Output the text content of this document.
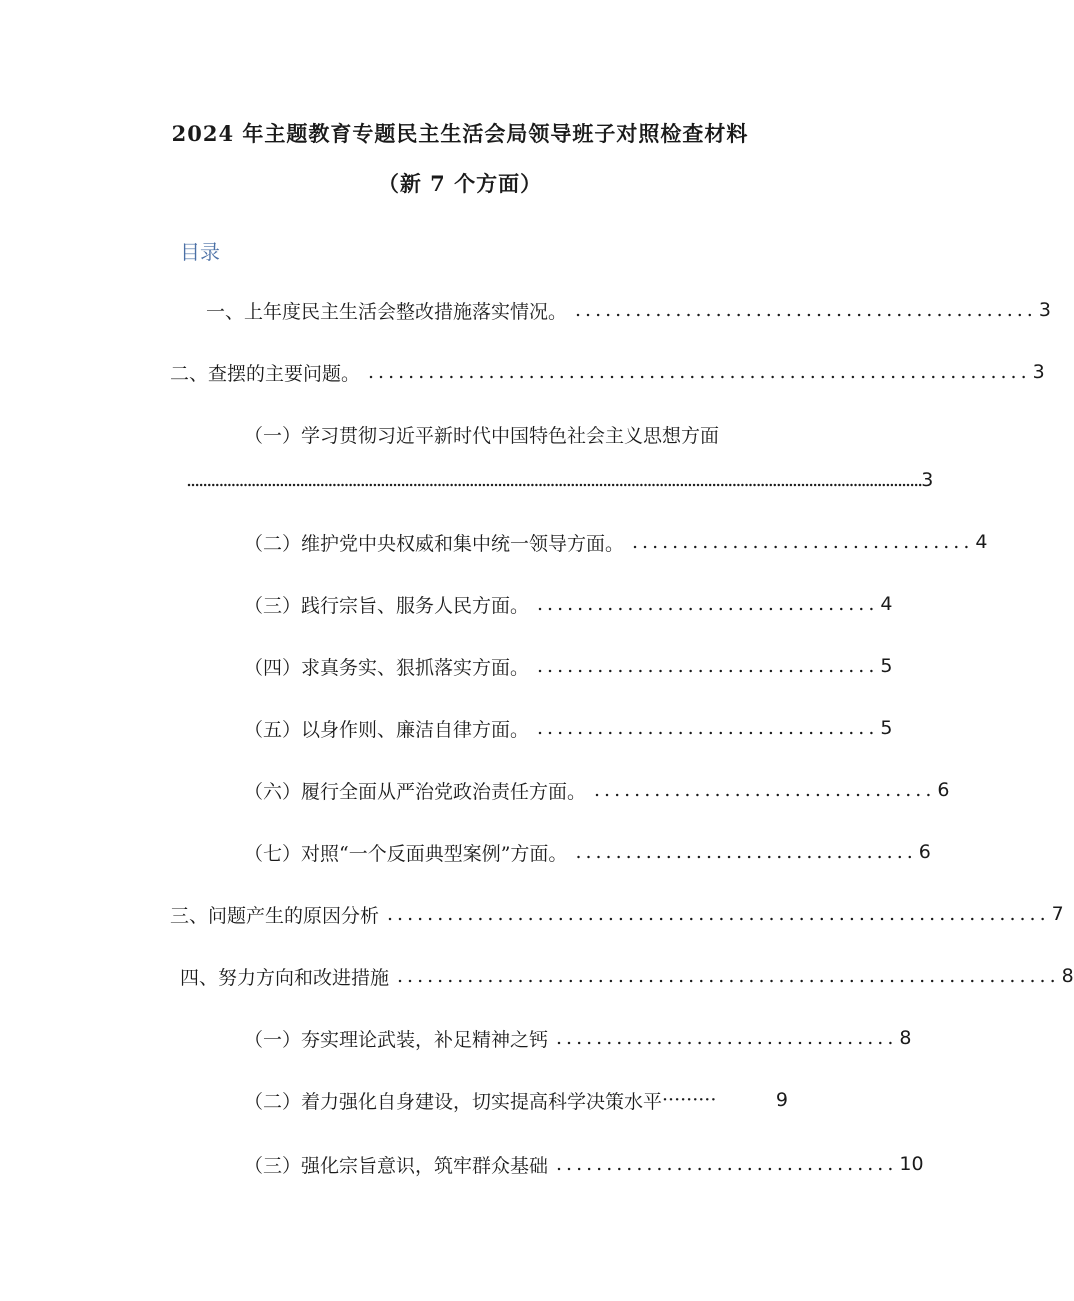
2024 年主题教育专题民主生活会局领导班子对照检查材料
（新 7 个方面）
目录
一、上年度民主生活会整改措施落实情况。 .............................................. 3
二、查摆的主要问题。 .................................................................. 3
（一）学习贯彻习近平新时代中国特色社会主义思想方面
...................................................................................................................................................................................... 3
（二）维护党中央权威和集中统一领导方面。 .................................. 4
（三）践行宗旨、服务人民方面。 .................................. 4
（四）求真务实、狠抓落实方面。 .................................. 5
（五）以身作则、廉洁自律方面。 .................................. 5
（六）履行全面从严治党政治责任方面。 .................................. 6
（七）对照“一个反面典型案例”方面。 .................................. 6
三、问题产生的原因分析 .................................................................. 7
四、努力方向和改进措施 .................................................................. 8
（一）夯实理论武装，补足精神之钙 .................................. 8
（二）着力强化自身建设，切实提高科学决策水平 ·········	9
（三）强化宗旨意识，筑牢群众基础 .................................. 10
